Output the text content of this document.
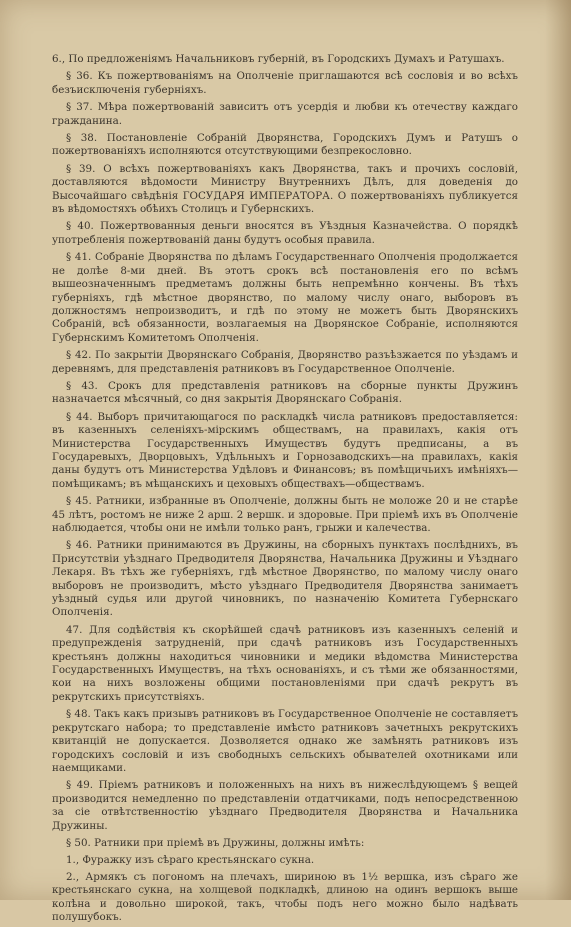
6., По предложеніямъ Начальниковъ губерній, въ Городскихъ Думахъ и Ратушахъ.

§ 36. Къ пожертвованіямъ на Ополченіе приглашаются всѣ сословія и во всѣхъ безъисключенія губерніяхъ.

§ 37. Мѣра пожертвованій зависитъ отъ усердія и любви къ отечеству каждаго гражданина.

§ 38. Постановленіе Собраній Дворянства, Городскихъ Думъ и Ратушъ о пожертвованіяхъ исполняются отсутствующими безпрекословно.

§ 39. О всѣхъ пожертвованіяхъ какъ Дворянства, такъ и прочихъ сословій, доставляются вѣдомости Министру Внутреннихъ Дѣлъ, для доведенія до Высочайшаго свѣдѣнія ГОСУДАРЯ ИМПЕРАТОРА. О пожертвованіяхъ публикуется въ вѣдомостяхъ обѣихъ Столицъ и Губернскихъ.

§ 40. Пожертвованныя деньги вносятся въ Уѣздныя Казначейства. О порядкѣ употребленія пожертвованій даны будутъ особыя правила.

§ 41. Собраніе Дворянства по дѣламъ Государственнаго Ополченія продолжается не долѣе 8-ми дней. Въ этотъ срокъ всѣ постановленія его по всѣмъ вышеозначеннымъ предметамъ должны быть непремѣнно кончены. Въ тѣхъ губерніяхъ, гдѣ мѣстное дворянство, по малому числу онаго, выборовъ въ должностямъ непроизводитъ, и гдѣ по этому не можетъ быть Дворянскихъ Собраній, всѣ обязанности, возлагаемыя на Дворянское Собраніе, исполняются Губернскимъ Комитетомъ Ополченія.

§ 42. По закрытіи Дворянскаго Собранія, Дворянство разъѣзжается по уѣздамъ и деревнямъ, для представленія ратниковъ въ Государственное Ополченіе.

§ 43. Срокъ для представленія ратниковъ на сборные пункты Дружинъ назначается мѣсячный, со дня закрытія Дворянскаго Собранія.

§ 44. Выборъ причитающагося по раскладкѣ числа ратниковъ предоставляется: въ казенныхъ селеніяхъ-мірскимъ обществамъ, на правилахъ, какія отъ Министерства Государственныхъ Имуществъ будутъ предписаны, а въ Государевыхъ, Дворцовыхъ, Удѣльныхъ и Горнозаводскихъ—на правилахъ, какія даны будутъ отъ Министерства Удѣловъ и Финансовъ; въ помѣщичьихъ имѣніяхъ—помѣщикамъ; въ мѣщанскихъ и цеховыхъ обществахъ—обществамъ.

§ 45. Ратники, избранные въ Ополченіе, должны быть не моложе 20 и не старѣе 45 лѣтъ, ростомъ не ниже 2 арш. 2 вершк. и здоровые. При пріемѣ ихъ въ Ополченіе наблюдается, чтобы они не имѣли только ранъ, грыжи и калечества.

§ 46. Ратники принимаются въ Дружины, на сборныхъ пунктахъ послѣднихъ, въ Присутствіи уѣзднаго Предводителя Дворянства, Начальника Дружины и Уѣзднаго Лекаря. Въ тѣхъ же губерніяхъ, гдѣ мѣстное Дворянство, по малому числу онаго выборовъ не производитъ, мѣсто уѣзднаго Предводителя Дворянства занимаетъ уѣздный судья или другой чиновникъ, по назначенію Комитета Губернскаго Ополченія.

47. Для содѣйствія къ скорѣйшей сдачѣ ратниковъ изъ казенныхъ селеній и предупрежденія затрудненій, при сдачѣ ратниковъ изъ Государственныхъ крестьянъ должны находиться чиновники и медики вѣдомства Министерства Государственныхъ Имуществъ, на тѣхъ основаніяхъ, и съ тѣми же обязанностями, кои на нихъ возложены общими постановленіями при сдачѣ рекрутъ въ рекрутскихъ присутствіяхъ.

§ 48. Такъ какъ призывъ ратниковъ въ Государственное Ополченіе не составляетъ рекрутскаго набора; то представленіе имѣсто ратниковъ зачетныхъ рекрутскихъ квитанцій не допускается. Дозволяется однако же замѣнять ратниковъ изъ городскихъ сословій и изъ свободныхъ сельскихъ обывателей охотниками или наемщиками.

§ 49. Пріемъ ратниковъ и положенныхъ на нихъ въ нижеслѣдующемъ § вещей производится немедленно по представленіи отдатчиками, подъ непосредственною за сіе отвѣтственностію уѣзднаго Предводителя Дворянства и Начальника Дружины.

§ 50. Ратники при пріемѣ въ Дружины, должны имѣть:

1., Фуражку изъ сѣраго крестьянскаго сукна.

2., Армякъ съ погономъ на плечахъ, шириною въ 1½ вершка, изъ сѣраго же крестьянскаго сукна, на холщевой подкладкѣ, длиною на одинъ вершокъ выше колѣна и довольно широкой, такъ, чтобы подъ него можно было надѣвать полушубокъ.
